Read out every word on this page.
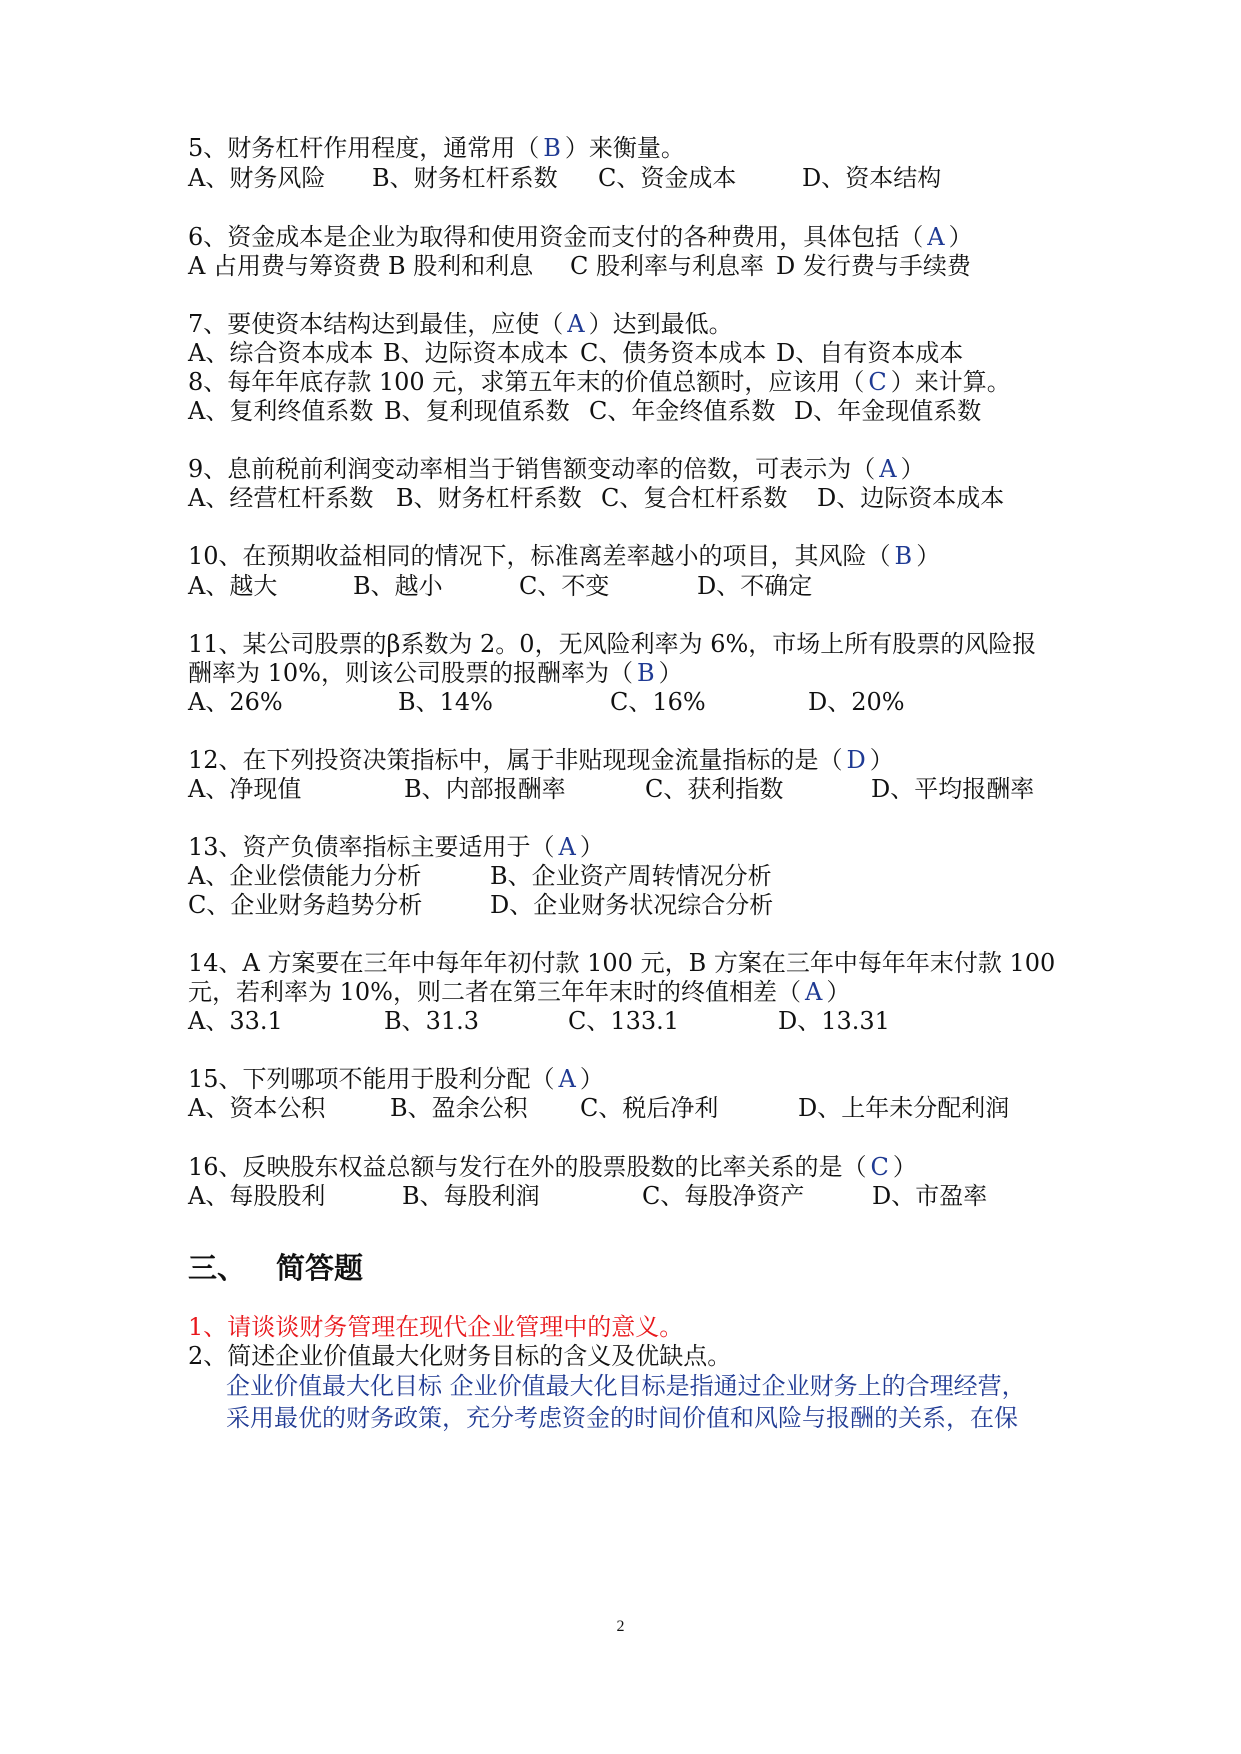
5、财务杠杆作用程度，通常用（ B ）来衡量。
A、财务风险 B、财务杠杆系数 C、资金成本	D、资本结构
6、资金成本是企业为取得和使用资金而支付的各种费用，具体包括（ A ）
A 占用费与筹资费 B 股利和利息 C 股利率与利息率 D 发行费与手续费
7、要使资本结构达到最佳，应使（ A ）达到最低。
A、综合资本成本 B、边际资本成本 C、债务资本成本 D、自有资本成本
8、每年年底存款 100 元，求第五年末的价值总额时，应该用（ C ）来计算。
A、复利终值系数 B、复利现值系数 C、年金终值系数 D、年金现值系数
9、息前税前利润变动率相当于销售额变动率的倍数，可表示为（ A ）
A、经营杠杆系数 B、财务杠杆系数 C、复合杠杆系数 D、边际资本成本
10、在预期收益相同的情况下，标准离差率越小的项目，其风险（ B ）
A、越大	B、越小	C、不变	D、不确定
11、某公司股票的β系数为 2。0，无风险利率为 6%，市场上所有股票的风险报
酬率为 10%，则该公司股票的报酬率为（ B ）
A、26%	B、14%	C、16%	D、20%
12、在下列投资决策指标中，属于非贴现现金流量指标的是（ D ）
A、净现值	B、内部报酬率	C、获利指数	D、平均报酬率
13、资产负债率指标主要适用于（ A ）
A、企业偿债能力分析	B、企业资产周转情况分析
C、企业财务趋势分析	D、企业财务状况综合分析
14、A 方案要在三年中每年年初付款 100 元，B 方案在三年中每年年末付款 100
元，若利率为 10%，则二者在第三年年末时的终值相差（ A ）
A、33.1	B、31.3	C、133.1	D、13.31
15、下列哪项不能用于股利分配（ A ）
A、资本公积	B、盈余公积 C、税后净利	D、上年未分配利润
16、反映股东权益总额与发行在外的股票股数的比率关系的是（ C ）
A、每股股利	B、每股利润	C、每股净资产	D、市盈率
三、 简答题
1、请谈谈财务管理在现代企业管理中的意义。
2、简述企业价值最大化财务目标的含义及优缺点。
企业价值最大化目标 企业价值最大化目标是指通过企业财务上的合理经营，
采用最优的财务政策，充分考虑资金的时间价值和风险与报酬的关系，在保
2
